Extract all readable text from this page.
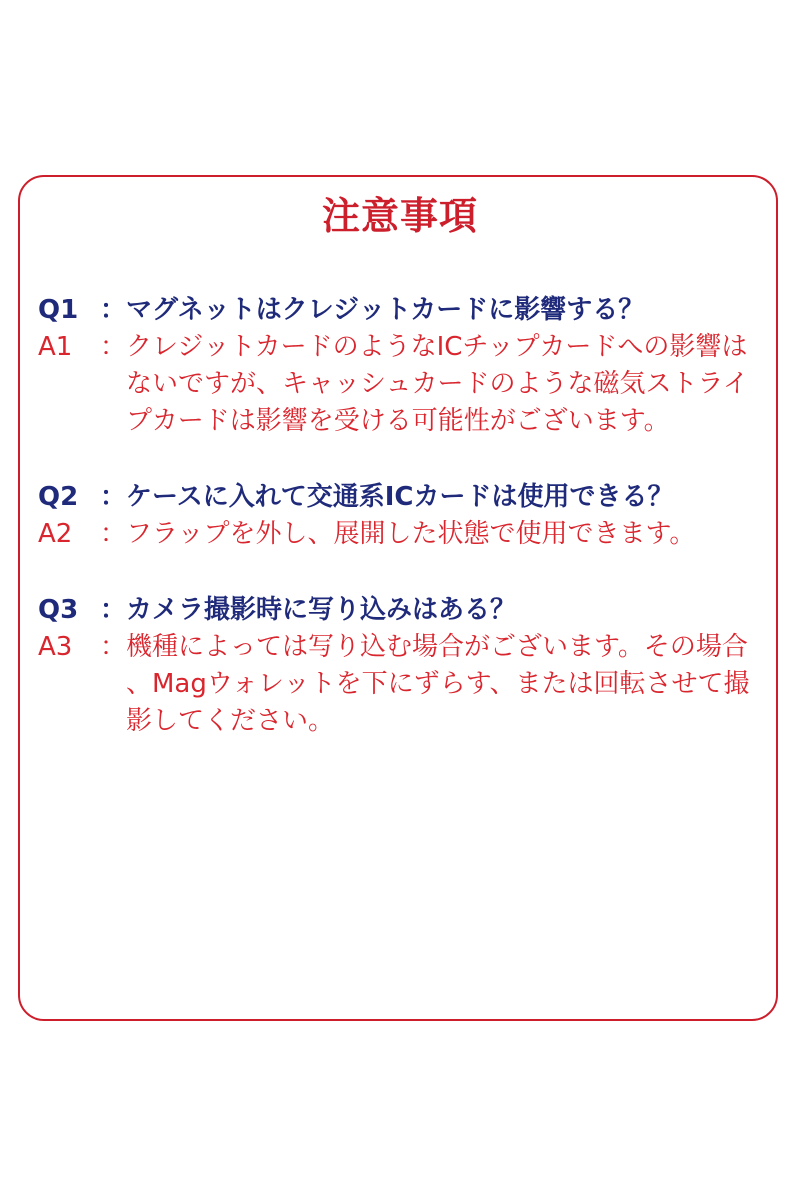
注意事項
Q1 ： マグネットはクレジットカードに影響する？
A1	： クレジットカードのようなICチップカードへの影響はないですが、キャッシュカードのような磁気ストライプカードは影響を受ける可能性がございます。
Q2 ： ケースに入れて交通系ICカードは使用できる？
A2	： フラップを外し、展開した状態で使用できます。
Q3 ： カメラ撮影時に写り込みはある？
A3	： 機種によっては写り込む場合がございます。その場合、Magウォレットを下にずらす、または回転させて撮影してください。
